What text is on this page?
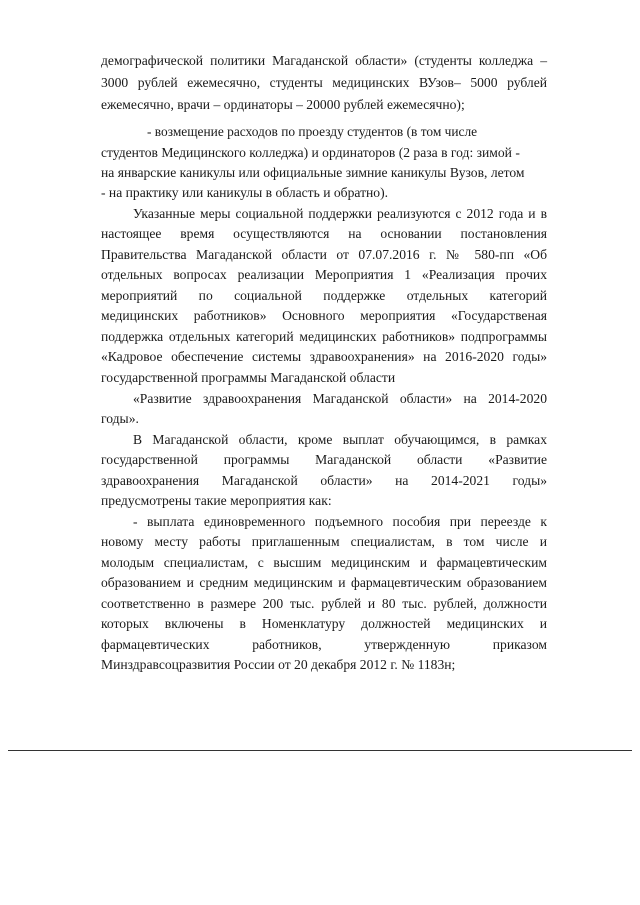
демографической политики Магаданской области» (студенты колледжа –
3000 рублей ежемесячно, студенты медицинских ВУзов– 5000 рублей
ежемесячно, врачи – ординаторы – 20000 рублей ежемесячно);
- возмещение расходов по проезду студентов (в том числе
студентов Медицинского колледжа) и ординаторов (2 раза в год: зимой -
на январские каникулы или официальные зимние каникулы Вузов, летом
- на практику или каникулы в область и обратно).
Указанные меры социальной поддержки реализуются с 2012 года и в
настоящее время осуществляются на основании постановления
Правительства Магаданской области от 07.07.2016 г. № 580-пп «Об
отдельных вопросах реализации Мероприятия 1 «Реализация прочих
мероприятий по социальной поддержке отдельных категорий
медицинских работников» Основного мероприятия «Государственая
поддержка отдельных категорий медицинских работников» подпрограммы
«Кадровое обеспечение системы здравоохранения» на 2016-2020 годы»
государственной программы Магаданской области
«Развитие здравоохранения Магаданской области» на 2014-2020
годы».
В Магаданской области, кроме выплат обучающимся, в рамках
государственной программы Магаданской области «Развитие
здравоохранения Магаданской области» на 2014-2021 годы»
предусмотрены такие мероприятия как:
- выплата единовременного подъемного пособия при переезде к
новому месту работы приглашенным специалистам, в том числе и
молодым специалистам, с высшим медицинским и фармацевтическим
образованием и средним медицинским и фармацевтическим образованием
соответственно в размере 200 тыс. рублей и 80 тыс. рублей, должности
которых включены в Номенклатуру должностей медицинских и
фармацевтических работников, утвержденную приказом
Минздравсоцразвития России от 20 декабря 2012 г. № 1183н;
